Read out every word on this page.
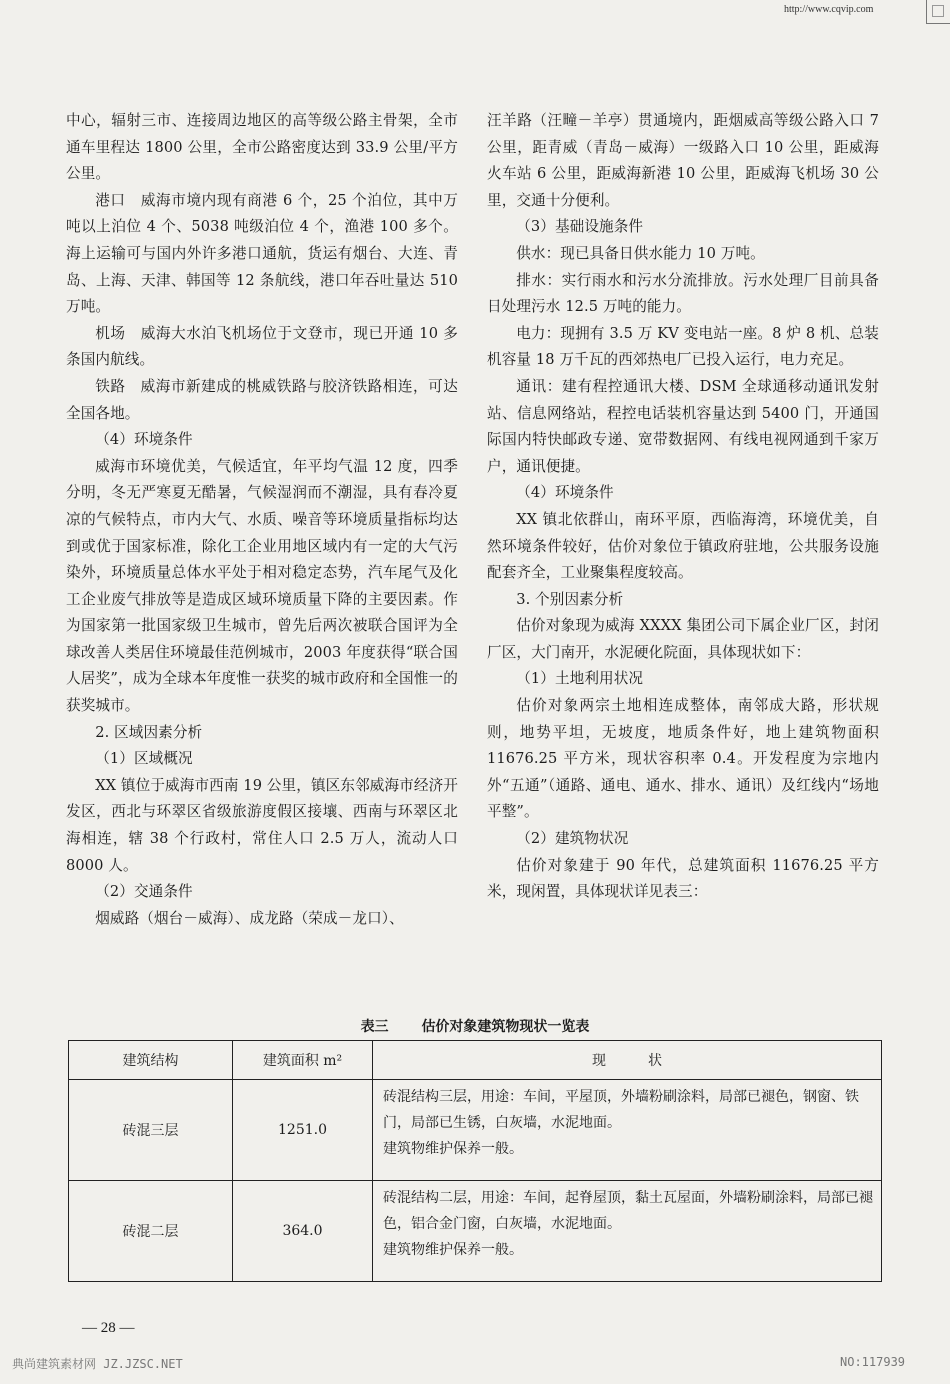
http://www.cqvip.com

中心，辐射三市、连接周边地区的高等级公路主骨架，全市通车里程达 1800 公里，全市公路密度达到 33.9 公里/平方公里。

港口　威海市境内现有商港 6 个，25 个泊位，其中万吨以上泊位 4 个、5038 吨级泊位 4 个，渔港 100 多个。海上运输可与国内外许多港口通航，货运有烟台、大连、青岛、上海、天津、韩国等 12 条航线，港口年吞吐量达 510 万吨。

机场　威海大水泊飞机场位于文登市，现已开通 10 多条国内航线。

铁路　威海市新建成的桃威铁路与胶济铁路相连，可达全国各地。

（4）环境条件

威海市环境优美，气候适宜，年平均气温 12 度，四季分明，冬无严寒夏无酷暑，气候湿润而不潮湿，具有春冷夏凉的气候特点，市内大气、水质、噪音等环境质量指标均达到或优于国家标准，除化工企业用地区域内有一定的大气污染外，环境质量总体水平处于相对稳定态势，汽车尾气及化工企业废气排放等是造成区域环境质量下降的主要因素。作为国家第一批国家级卫生城市，曾先后两次被联合国评为全球改善人类居住环境最佳范例城市，2003 年度获得“联合国人居奖”，成为全球本年度惟一获奖的城市政府和全国惟一的获奖城市。

2. 区域因素分析

（1）区域概况

XX 镇位于威海市西南 19 公里，镇区东邻威海市经济开发区，西北与环翠区省级旅游度假区接壤、西南与环翠区北海相连，辖 38 个行政村，常住人口 2.5 万人，流动人口 8000 人。

（2）交通条件

烟威路（烟台－威海）、成龙路（荣成－龙口）、

汪羊路（汪疃－羊亭）贯通境内，距烟威高等级公路入口 7 公里，距青威（青岛－威海）一级路入口 10 公里，距威海火车站 6 公里，距威海新港 10 公里，距威海飞机场 30 公里，交通十分便利。

（3）基础设施条件

供水：现已具备日供水能力 10 万吨。

排水：实行雨水和污水分流排放。污水处理厂目前具备日处理污水 12.5 万吨的能力。

电力：现拥有 3.5 万 KV 变电站一座。8 炉 8 机、总装机容量 18 万千瓦的西郊热电厂已投入运行，电力充足。

通讯：建有程控通讯大楼、DSM 全球通移动通讯发射站、信息网络站，程控电话装机容量达到 5400 门，开通国际国内特快邮政专递、宽带数据网、有线电视网通到千家万户，通讯便捷。

（4）环境条件

XX 镇北依群山，南环平原，西临海湾，环境优美，自然环境条件较好，估价对象位于镇政府驻地，公共服务设施配套齐全，工业聚集程度较高。

3. 个别因素分析

估价对象现为威海 XXXX 集团公司下属企业厂区，封闭厂区，大门南开，水泥硬化院面，具体现状如下：

（1）土地利用状况

估价对象两宗土地相连成整体，南邻成大路，形状规则，地势平坦，无坡度，地质条件好，地上建筑物面积 11676.25 平方米，现状容积率 0.4。开发程度为宗地内外“五通”（通路、通电、通水、排水、通讯）及红线内“场地平整”。

（2）建筑物状况

估价对象建于 90 年代，总建筑面积 11676.25 平方米，现闲置，具体现状详见表三：

表三 估价对象建筑物现状一览表
建筑结构	建筑面积 m²	现　　　状
砖混三层	1251.0	砖混结构三层，用途：车间，平屋顶，外墙粉刷涂料，局部已褪色，钢窗、铁门，局部已生锈，白灰墙，水泥地面。
建筑物维护保养一般。

砖混二层	364.0	砖混结构二层，用途：车间，起脊屋顶，黏土瓦屋面，外墙粉刷涂料，局部已褪色，铝合金门窗，白灰墙，水泥地面。
建筑物维护保养一般。
— 28 —
典尚建筑素材网 JZ.JZSC.NET	NO:117939
